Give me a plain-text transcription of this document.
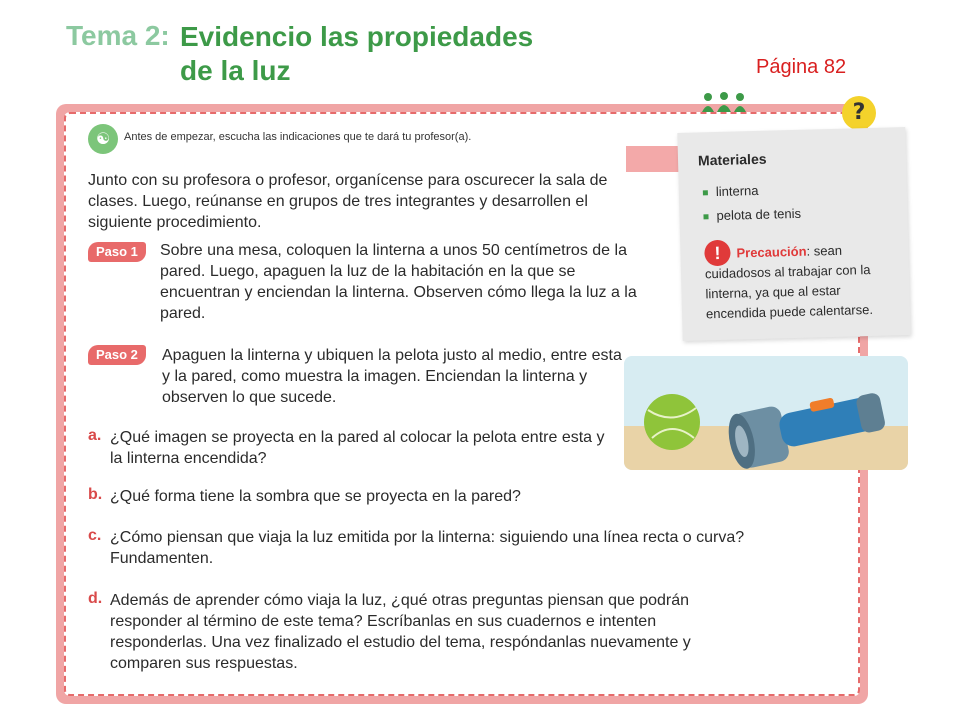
Tema 2: Evidencio las propiedades de la luz	Página 82
?
☯	Antes de empezar, escucha las indicaciones que te dará tu profesor(a).
Junto con su profesora o profesor, organícense para oscurecer la sala de clases. Luego, reúnanse en grupos de tres integrantes y desarrollen el siguiente procedimiento.
Paso 1	Sobre una mesa, coloquen la linterna a unos 50 centímetros de la pared. Luego, apaguen la luz de la habitación en la que se encuentran y enciendan la linterna. Observen cómo llega la luz a la pared.
Paso 2	Apaguen la linterna y ubiquen la pelota justo al medio, entre esta y la pared, como muestra la imagen. Enciendan la linterna y observen lo que sucede.
a. ¿Qué imagen se proyecta en la pared al colocar la pelota entre esta y la linterna encendida?
b. ¿Qué forma tiene la sombra que se proyecta en la pared?
c. ¿Cómo piensan que viaja la luz emitida por la linterna: siguiendo una línea recta o curva? Fundamenten.
d. Además de aprender cómo viaja la luz, ¿qué otras preguntas piensan que podrán responder al término de este tema? Escríbanlas en sus cuadernos e intenten responderlas. Una vez finalizado el estudio del tema, respóndanlas nuevamente y comparen sus respuestas.
Materiales
linterna
pelota de tenis
!	Precaución: sean cuidadosos al trabajar con la linterna, ya que al estar encendida puede calentarse.
